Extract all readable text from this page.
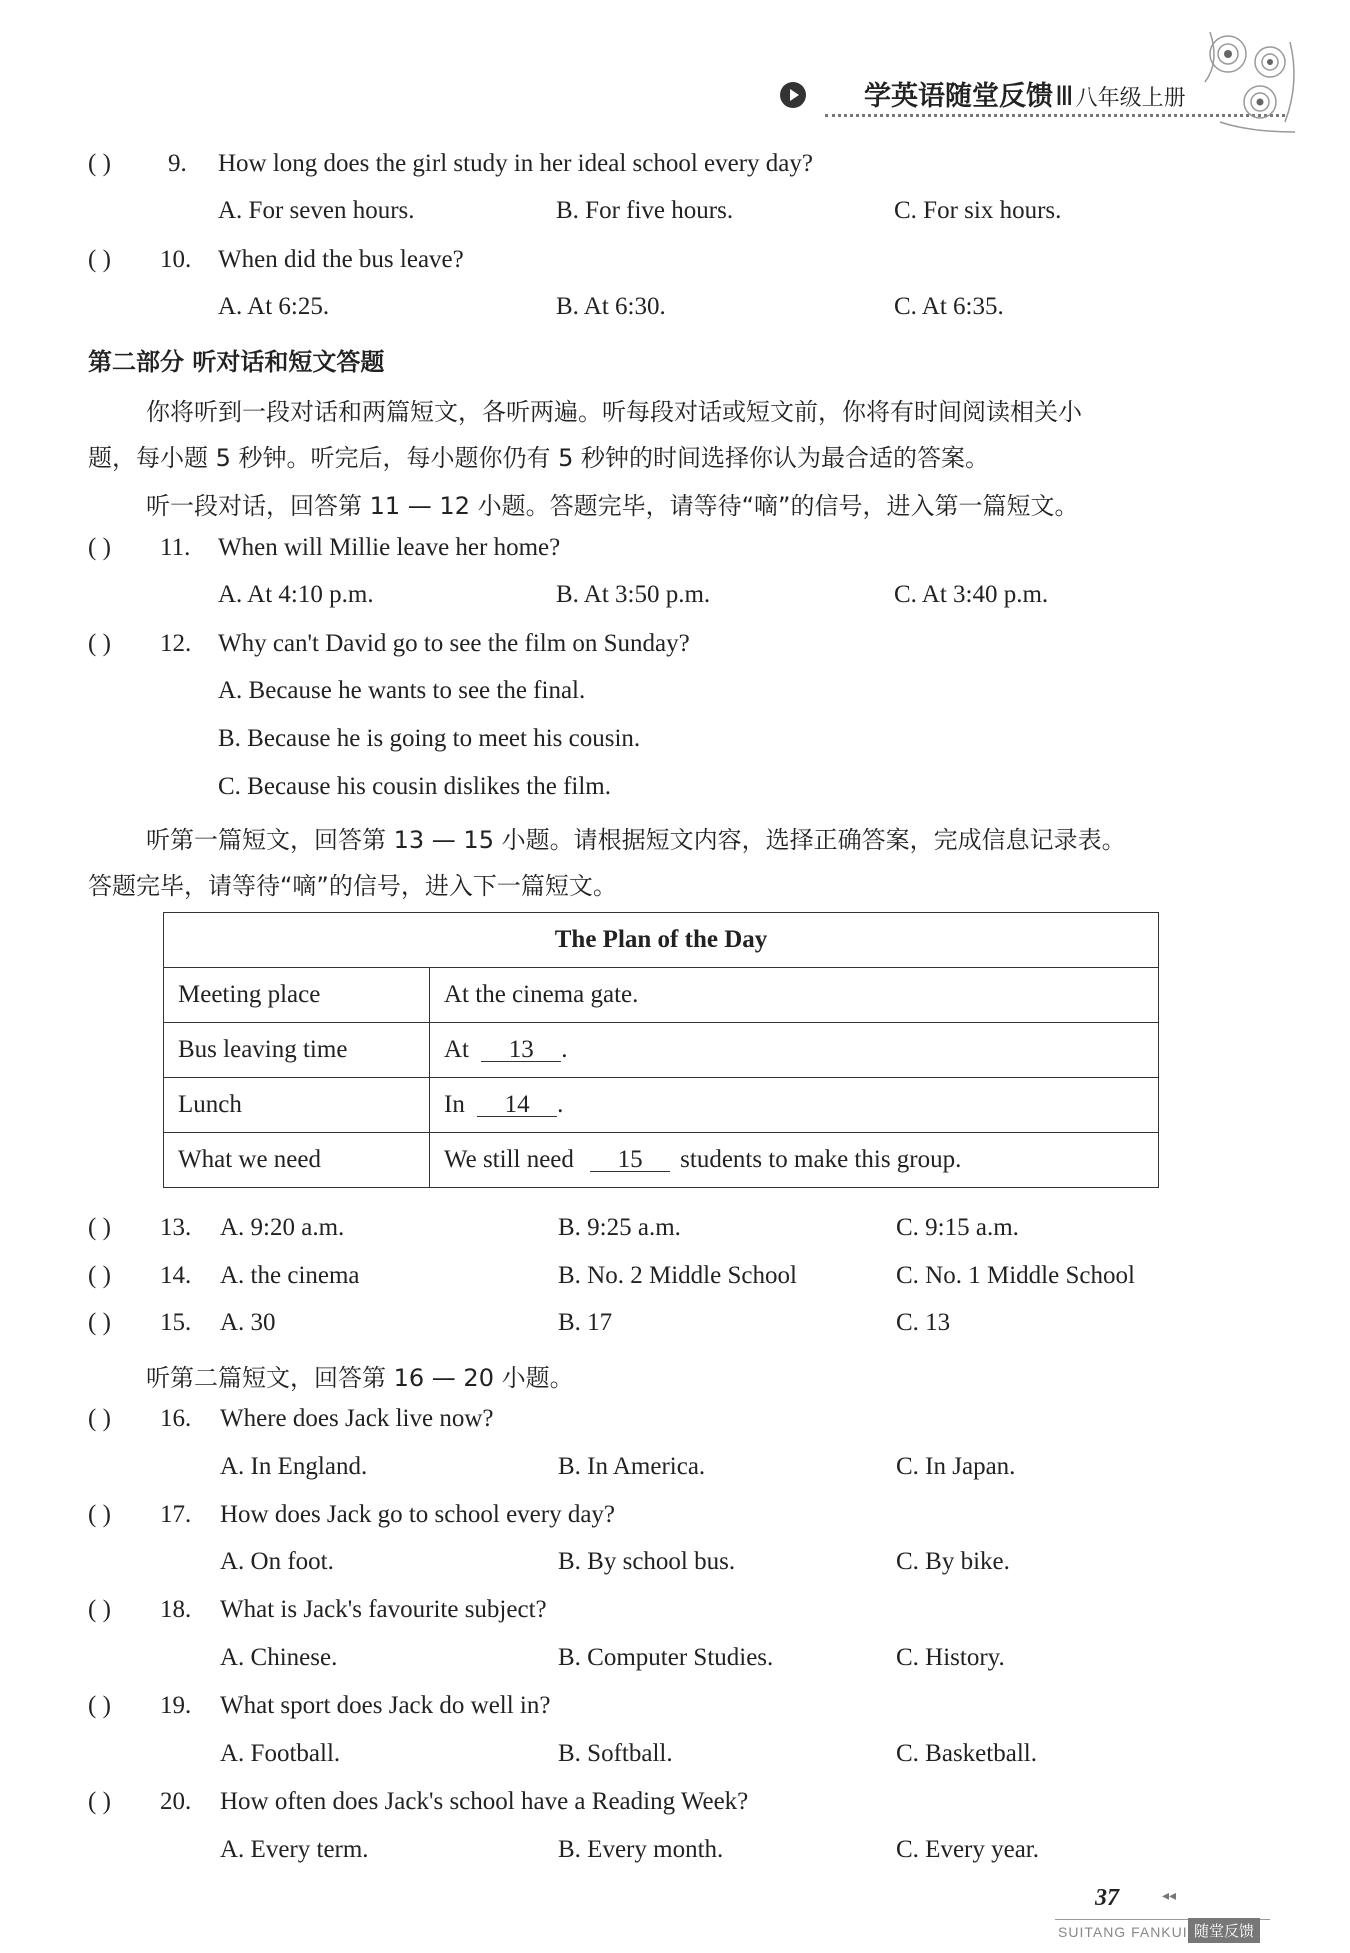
学英语随堂反馈Ⅲ八年级上册
( ) 9. How long does the girl study in her ideal school every day?
A. For seven hours.	B. For five hours.	C. For six hours.
( ) 10. When did the bus leave?
A. At 6:25.	B. At 6:30.	C. At 6:35.
第二部分 听对话和短文答题
你将听到一段对话和两篇短文，各听两遍。听每段对话或短文前，你将有时间阅读相关小
题，每小题 5 秒钟。听完后，每小题你仍有 5 秒钟的时间选择你认为最合适的答案。
听一段对话，回答第 11 — 12 小题。答题完毕，请等待“嘀”的信号，进入第一篇短文。
( ) 11. When will Millie leave her home?
A. At 4:10 p.m.	B. At 3:50 p.m.	C. At 3:40 p.m.
( ) 12. Why can't David go to see the film on Sunday?
A. Because he wants to see the final.
B. Because he is going to meet his cousin.
C. Because his cousin dislikes the film.
听第一篇短文，回答第 13 — 15 小题。请根据短文内容，选择正确答案，完成信息记录表。
答题完毕，请等待“嘀”的信号，进入下一篇短文。
The Plan of the Day	
Meeting place	At the cinema gate.
Bus leaving time	At 13 .
Lunch	In 14 .
What we need	We still need 15 students to make this group.
( ) 13. A. 9:20 a.m.	B. 9:25 a.m.	C. 9:15 a.m.
( ) 14. A. the cinema	B. No. 2 Middle School	C. No. 1 Middle School
( ) 15. A. 30	B. 17	C. 13
听第二篇短文，回答第 16 — 20 小题。
( ) 16. Where does Jack live now?
A. In England.	B. In America.	C. In Japan.
( ) 17. How does Jack go to school every day?
A. On foot.	B. By school bus.	C. By bike.
( ) 18. What is Jack's favourite subject?
A. Chinese.	B. Computer Studies.	C. History.
( ) 19. What sport does Jack do well in?
A. Football.	B. Softball.	C. Basketball.
( ) 20. How often does Jack's school have a Reading Week?
A. Every term.	B. Every month.	C. Every year.
37	◂◂
SUITANG FANKUI 随堂反馈
